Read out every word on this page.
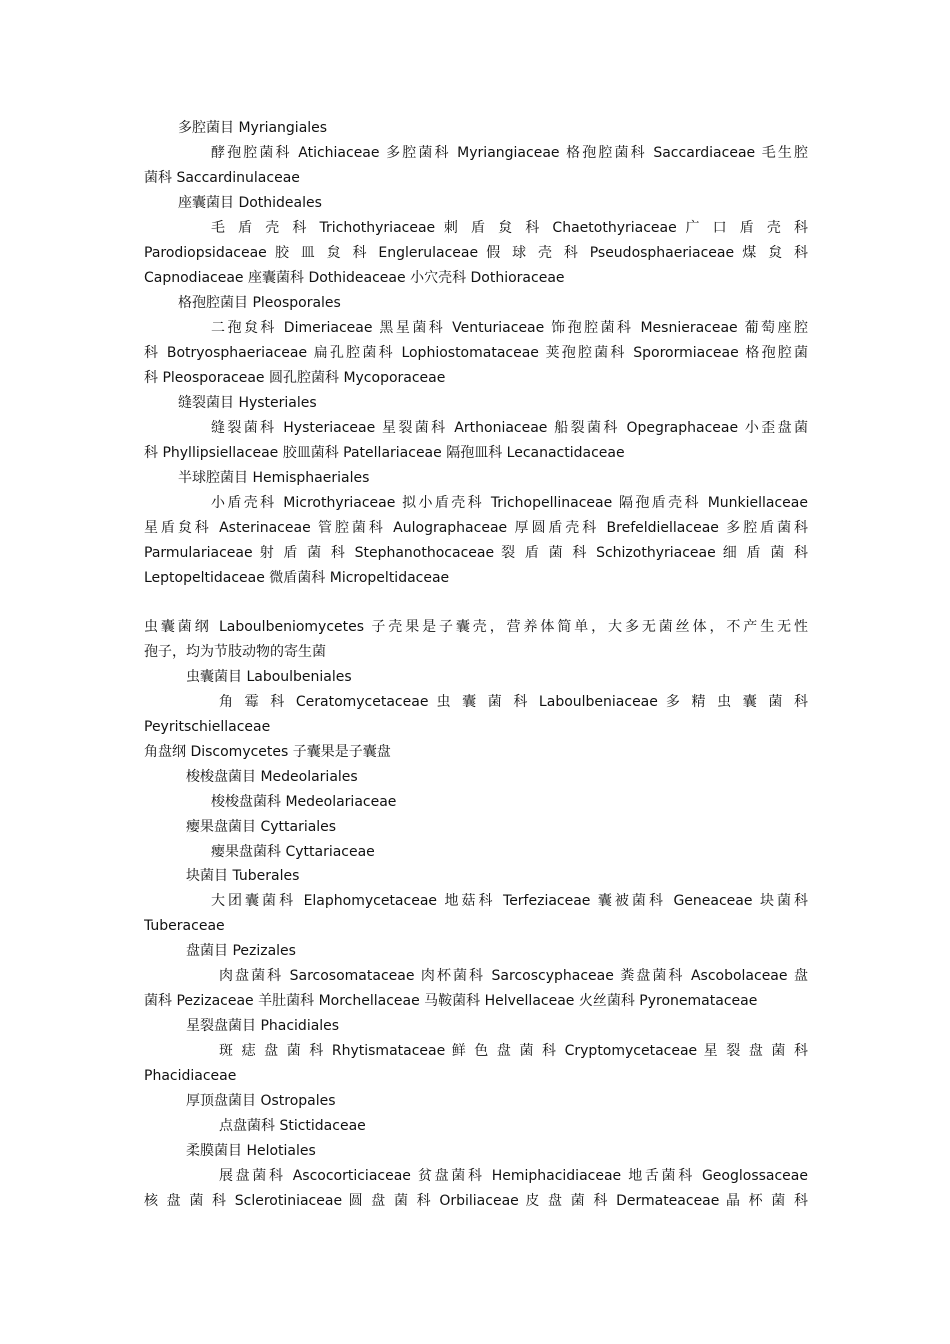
多腔菌目 Myriangiales
酵孢腔菌科 Atichiaceae 多腔菌科 Myriangiaceae 格孢腔菌科 Saccardiaceae 毛生腔
菌科 Saccardinulaceae
座囊菌目 Dothideales
毛 盾 壳 科 Trichothyriaceae 刺 盾 炱 科 Chaetothyriaceae 广 口 盾 壳 科
Parodiopsidaceae 胶 皿 炱 科 Englerulaceae 假 球 壳 科 Pseudosphaeriaceae 煤 炱 科
Capnodiaceae 座囊菌科 Dothideaceae 小穴壳科 Dothioraceae
格孢腔菌目 Pleosporales
二孢炱科 Dimeriaceae 黑星菌科 Venturiaceae 饰孢腔菌科 Mesnieraceae 葡萄座腔
科 Botryosphaeriaceae 扁孔腔菌科 Lophiostomataceae 荚孢腔菌科 Sporormiaceae 格孢腔菌
科 Pleosporaceae 圆孔腔菌科 Mycoporaceae
缝裂菌目 Hysteriales
缝裂菌科 Hysteriaceae 星裂菌科 Arthoniaceae 船裂菌科 Opegraphaceae 小歪盘菌
科 Phyllipsiellaceae 胶皿菌科 Patellariaceae 隔孢皿科 Lecanactidaceae
半球腔菌目 Hemisphaeriales
小盾壳科 Microthyriaceae 拟小盾壳科 Trichopellinaceae 隔孢盾壳科 Munkiellaceae
星盾炱科 Asterinaceae 管腔菌科 Aulographaceae 厚圆盾壳科 Brefeldiellaceae 多腔盾菌科
Parmulariaceae 射 盾 菌 科 Stephanothocaceae 裂 盾 菌 科 Schizothyriaceae 细 盾 菌 科
Leptopeltidaceae 微盾菌科 Micropeltidaceae
虫囊菌纲 Laboulbeniomycetes 子壳果是子囊壳，营养体简单，大多无菌丝体，不产生无性
孢子，均为节肢动物的寄生菌
虫囊菌目 Laboulbeniales
角 霉 科 Ceratomycetaceae 虫 囊 菌 科 Laboulbeniaceae 多 精 虫 囊 菌 科
Peyritschiellaceae
角盘纲 Discomycetes 子囊果是子囊盘
梭梭盘菌目 Medeolariales
梭梭盘菌科 Medeolariaceae
瘿果盘菌目 Cyttariales
瘿果盘菌科 Cyttariaceae
块菌目 Tuberales
大团囊菌科 Elaphomycetaceae 地菇科 Terfeziaceae 囊被菌科 Geneaceae 块菌科
Tuberaceae
盘菌目 Pezizales
肉盘菌科 Sarcosomataceae 肉杯菌科 Sarcoscyphaceae 粪盘菌科 Ascobolaceae 盘
菌科 Pezizaceae 羊肚菌科 Morchellaceae 马鞍菌科 Helvellaceae 火丝菌科 Pyronemataceae
星裂盘菌目 Phacidiales
斑 痣 盘 菌 科 Rhytismataceae 鲜 色 盘 菌 科 Cryptomycetaceae 星 裂 盘 菌 科
Phacidiaceae
厚顶盘菌目 Ostropales
点盘菌科 Stictidaceae
柔膜菌目 Helotiales
展盘菌科 Ascocorticiaceae 贫盘菌科 Hemiphacidiaceae 地舌菌科 Geoglossaceae
核 盘 菌 科 Sclerotiniaceae 圆 盘 菌 科 Orbiliaceae 皮 盘 菌 科 Dermateaceae 晶 杯 菌 科
